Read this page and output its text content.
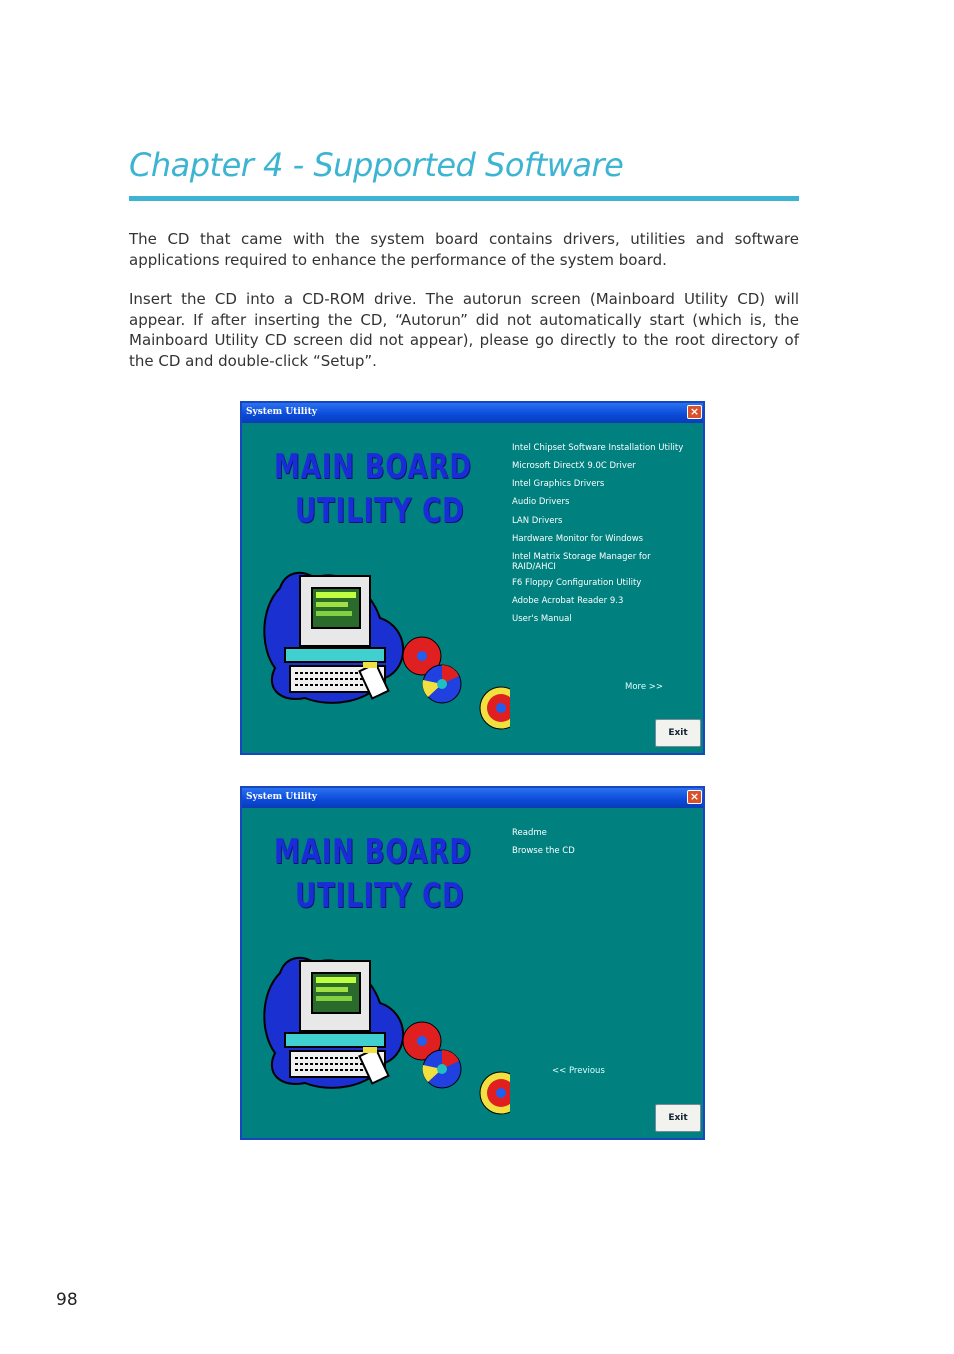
Chapter 4 - Supported Software

The CD that came with the system board contains drivers, utilities and software applications required to enhance the performance of the system board.

Insert the CD into a CD-ROM drive. The autorun screen (Mainboard Utility CD) will appear. If after inserting the CD, “Autorun” did not automatically start (which is, the Mainboard Utility CD screen did not appear), please go directly to the root directory of the CD and double-click “Setup”.

System Utility	×
MAIN BOARD
UTILITY CD
Intel Chipset Software Installation Utility
Microsoft DirectX 9.0C Driver
Intel Graphics Drivers
Audio Drivers
LAN Drivers
Hardware Monitor for Windows
Intel Matrix Storage Manager for RAID/AHCI
F6 Floppy Configuration Utility
Adobe Acrobat Reader 9.3
User's Manual
More >>
Exit
System Utility	×
MAIN BOARD
UTILITY CD
Readme
Browse the CD
<< Previous
Exit
98
